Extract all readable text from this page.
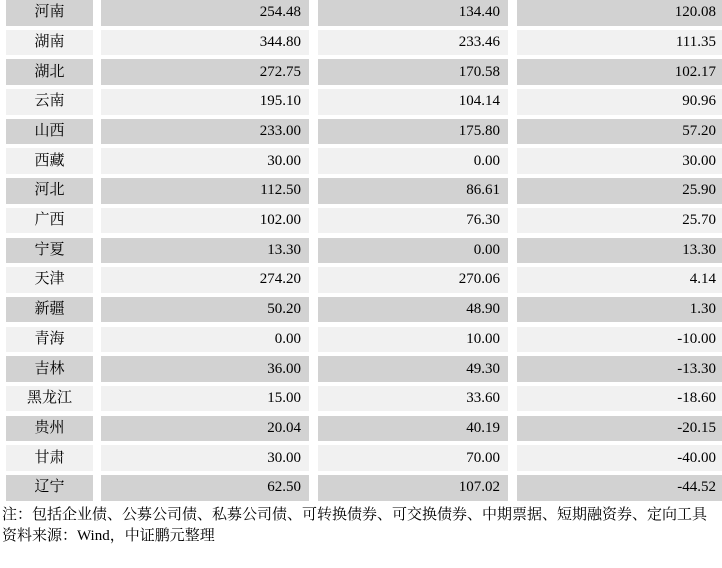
河南	254.48	134.40	120.08
湖南	344.80	233.46	111.35
湖北	272.75	170.58	102.17
云南	195.10	104.14	90.96
山西	233.00	175.80	57.20
西藏	30.00	0.00	30.00
河北	112.50	86.61	25.90
广西	102.00	76.30	25.70
宁夏	13.30	0.00	13.30
天津	274.20	270.06	4.14
新疆	50.20	48.90	1.30
青海	0.00	10.00	-10.00
吉林	36.00	49.30	-13.30
黑龙江	15.00	33.60	-18.60
贵州	20.04	40.19	-20.15
甘肃	30.00	70.00	-40.00
辽宁	62.50	107.02	-44.52
注：包括企业债、公募公司债、私募公司债、可转换债券、可交换债券、中期票据、短期融资券、定向工具
资料来源：Wind，中证鹏元整理
